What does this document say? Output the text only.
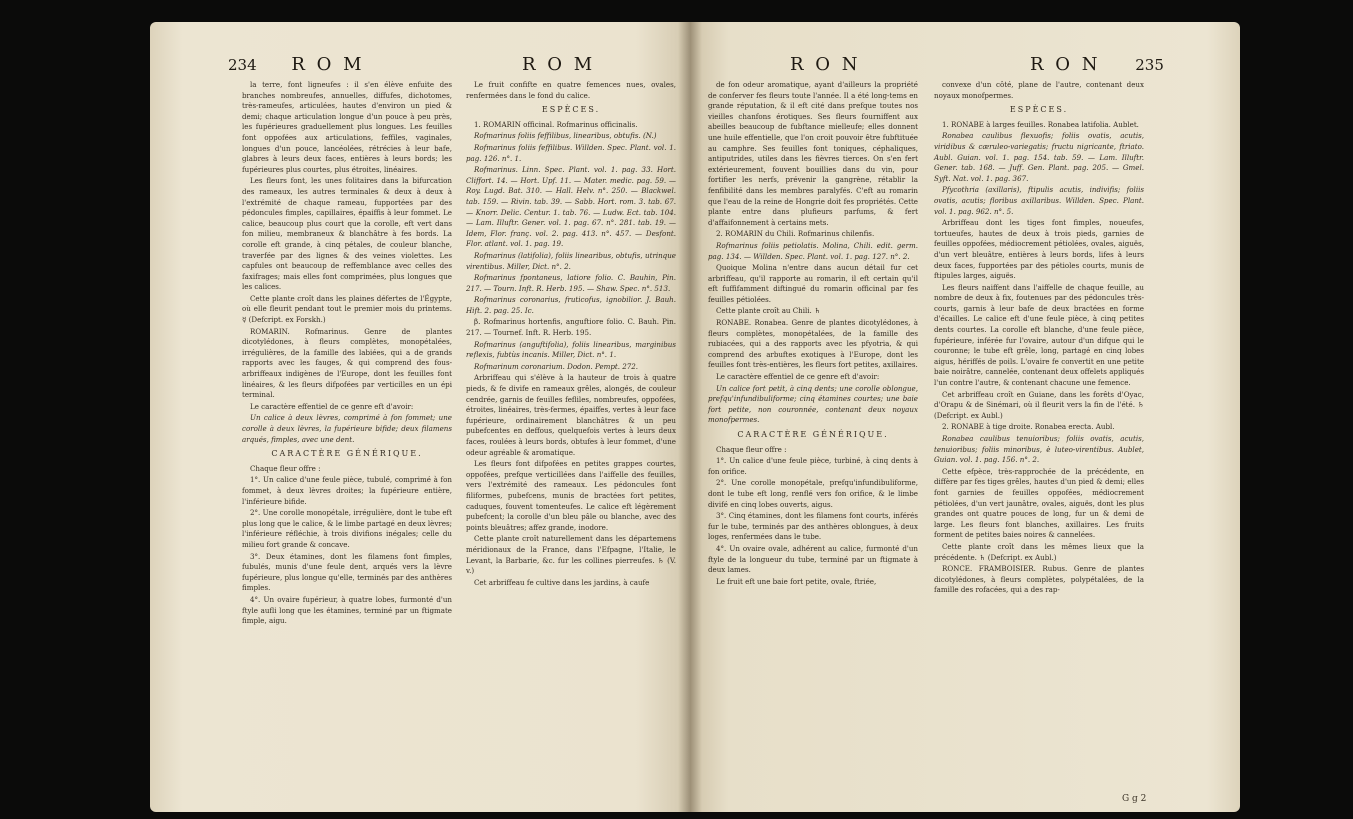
234 R O M	R O M

la terre, font ligneufes : il s'en élève enfuite des branches nombreufes, annuelles, diffufes, dichotomes, très-rameufes, articulées, hautes d'environ un pied & demi; chaque articulation longue d'un pouce à peu près, les fupérieures graduellement plus longues. Les feuilles font oppofées aux articulations, feffiles, vaginales, longues d'un pouce, lancéolées, rétrécies à leur bafe, glabres à leurs deux faces, entières à leurs bords; les fupérieures plus courtes, plus étroites, linéaires.

Les fleurs font, les unes folitaires dans la bifurcation des rameaux, les autres terminales & deux à deux à l'extrémité de chaque rameau, fupportées par des pédoncules fimples, capillaires, épaiffis à leur fommet. Le calice, beaucoup plus court que la corolle, eft vert dans fon milieu, membraneux & blanchâtre à fes bords. La corolle eft grande, à cinq pétales, de couleur blanche, traverfée par des lignes & des veines violettes. Les capfules ont beaucoup de reffemblance avec celles des faxifrages; mais elles font comprimées, plus longues que les calices.

Cette plante croît dans les plaines défertes de l'Égypte, où elle fleurit pendant tout le premier mois du printems. ☿ (Defcript. ex Forskh.)

ROMARIN. Rofmarinus. Genre de plantes dicotylédones, à fleurs complètes, monopétalées, irrégulières, de la famille des labiées, qui a de grands rapports avec les fauges, & qui comprend des fous-arbriffeaux indigènes de l'Europe, dont les feuilles font linéaires, & les fleurs difpofées par verticilles en un épi terminal.

Le caractère effentiel de ce genre eft d'avoir:

Un calice à deux lèvres, comprimé à fon fommet; une corolle à deux lèvres, la fupérieure bifide; deux filamens arqués, fimples, avec une dent.

CARACTÈRE GÉNÉRIQUE.

Chaque fleur offre :

1°. Un calice d'une feule pièce, tubulé, comprimé à fon fommet, à deux lèvres droites; la fupérieure entière, l'inférieure bifide.

2°. Une corolle monopétale, irrégulière, dont le tube eft plus long que le calice, & le limbe partagé en deux lèvres; l'inférieure réfléchie, à trois divifions inégales; celle du milieu fort grande & concave.

3°. Deux étamines, dont les filamens font fimples, fubulés, munis d'une feule dent, arqués vers la lèvre fupérieure, plus longue qu'elle, terminés par des anthères fimples.

4°. Un ovaire fupérieur, à quatre lobes, furmonté d'un ftyle aufli long que les étamines, terminé par un ftigmate fimple, aigu.

Le fruit confifte en quatre femences nues, ovales, renfermées dans le fond du calice.

ESPÈCES.

1. ROMARIN officinal. Rofmarinus officinalis.

Rofmarinus foliis feffilibus, linearibus, obtufis. (N.)

Rofmarinus foliis feffilibus. Willden. Spec. Plant. vol. 1. pag. 126. n°. 1.

Rofmarinus. Linn. Spec. Plant. vol. 1. pag. 33. Hort. Cliffort. 14. — Hort. Upf. 11. — Mater. medic. pag. 59. — Roy. Lugd. Bat. 310. — Hall. Helv. n°. 250. — Blackwel. tab. 159. — Rivin. tab. 39. — Sabb. Hort. rom. 3. tab. 67. — Knorr. Delic. Centur. 1. tab. 76. — Ludw. Ect. tab. 104. — Lam. Illuftr. Gener. vol. 1. pag. 67. n°. 281. tab. 19. — Idem, Flor. franç. vol. 2. pag. 413. n°. 457. — Desfont. Flor. atlant. vol. 1. pag. 19.

Rofmarinus (latifolia), foliis linearibus, obtufis, utrinque virentibus. Miller, Dict. n°. 2.

Rofmarinus fpontaneus, latiore folio. C. Bauhin, Pin. 217. — Tourn. Inft. R. Herb. 195. — Shaw. Spec. n°. 513.

Rofmarinus coronarius, fruticofus, ignobilior. J. Bauh. Hift. 2. pag. 25. Ic.

β. Rofmarinus hortenfis, anguftiore folio. C. Bauh. Pin. 217. — Tournef. Inft. R. Herb. 195.

Rofmarinus (anguftifolia), foliis linearibus, marginibus reflexis, fubtùs incanis. Miller, Dict. n°. 1.

Rofmarinum coronarium. Dodon. Pempt. 272.

Arbriffeau qui s'élève à la hauteur de trois à quatre pieds, & fe divife en rameaux grêles, alongés, de couleur cendrée, garnis de feuilles fefliles, nombreufes, oppofées, étroites, linéaires, très-fermes, épaiffes, vertes à leur face fupérieure, ordinairement blanchâtres & un peu pubefcentes en deffous, quelquefois vertes à leurs deux faces, roulées à leurs bords, obtufes à leur fommet, d'une odeur agréable & aromatique.

Les fleurs font difpofées en petites grappes courtes, oppofées, prefque verticillées dans l'aiffelle des feuilles, vers l'extrémité des rameaux. Les pédoncules font filiformes, pubefcens, munis de bractées fort petites, caduques, fouvent tomenteufes. Le calice eft légèrement pubefcent; la corolle d'un bleu pâle ou blanche, avec des points bleuâtres; affez grande, inodore.

Cette plante croît naturellement dans les départemens méridionaux de la France, dans l'Efpagne, l'Italie, le Levant, la Barbarie, &c. fur les collines pierreufes. ♄ (V. v.)

Cet arbriffeau fe cultive dans les jardins, à caufe

R O N	R O N 235

de fon odeur aromatique, ayant d'ailleurs la propriété de conferver fes fleurs toute l'année. Il a été long-tems en grande réputation, & il eft cité dans prefque toutes nos vieilles chanfons érotiques. Ses fleurs fourniffent aux abeilles beaucoup de fubftance mielleufe; elles donnent une huile effentielle, que l'on croit pouvoir être fubftituée au camphre. Ses feuilles font toniques, céphaliques, antiputrides, utiles dans les fièvres tierces. On s'en fert extérieurement, fouvent bouillies dans du vin, pour fortifier les nerfs, prévenir la gangrène, rétablir la fenfibilité dans les membres paralyfés. C'eft au romarin que l'eau de la reine de Hongrie doit fes propriétés. Cette plante entre dans plufieurs parfums, & fert d'affaifonnement à certains mets.

2. ROMARIN du Chili. Rofmarinus chilenfis.

Rofmarinus foliis petiolatis. Molina, Chili. edit. germ. pag. 134. — Willden. Spec. Plant. vol. 1. pag. 127. n°. 2.

Quoique Molina n'entre dans aucun détail fur cet arbriffeau, qu'il rapporte au romarin, il eft certain qu'il eft fuffifamment diftingué du romarin officinal par fes feuilles pétiolées.

Cette plante croît au Chili. ♄

RONABE. Ronabea. Genre de plantes dicotylédones, à fleurs complètes, monopétalées, de la famille des rubiacées, qui a des rapports avec les pfyotria, & qui comprend des arbuftes exotiques à l'Europe, dont les feuilles font très-entières, les fleurs fort petites, axillaires.

Le caractère effentiel de ce genre eft d'avoir:

Un calice fort petit, à cinq dents; une corolle oblongue, prefqu'infundibuliforme; cinq étamines courtes; une baie fort petite, non couronnée, contenant deux noyaux monofpermes.

CARACTÈRE GÉNÉRIQUE.

Chaque fleur offre :

1°. Un calice d'une feule pièce, turbiné, à cinq dents à fon orifice.

2°. Une corolle monopétale, prefqu'infundibuliforme, dont le tube eft long, renflé vers fon orifice, & le limbe divifé en cinq lobes ouverts, aigus.

3°. Cinq étamines, dont les filamens font courts, inférés fur le tube, terminés par des anthères oblongues, à deux loges, renfermées dans le tube.

4°. Un ovaire ovale, adhérent au calice, furmonté d'un ftyle de la longueur du tube, terminé par un ftigmate à deux lames.

Le fruit eft une baie fort petite, ovale, ftriée,

convexe d'un côté, plane de l'autre, contenant deux noyaux monofpermes.

ESPÈCES.

1. RONABE à larges feuilles. Ronabea latifolia. Aublet.

Ronabea caulibus flexuofis; foliis ovatis, acutis, viridibus & cæruleo-variegatis; fructu nigricante, ftriato. Aubl. Guian. vol. 1. pag. 154. tab. 59. — Lam. Illuftr. Gener. tab. 168. — Juff. Gen. Plant. pag. 205. — Gmel. Syft. Nat. vol. 1. pag. 367.

Pfycothria (axillaris), ftipulis acutis, indivifis; foliis ovatis, acutis; floribus axillaribus. Willden. Spec. Plant. vol. 1. pag. 962. n°. 5.

Arbriffeau dont les tiges font fimples, noueufes, tortueufes, hautes de deux à trois pieds, garnies de feuilles oppofées, médiocrement pétiolées, ovales, aiguës, d'un vert bleuâtre, entières à leurs bords, lifes à leurs deux faces, fupportées par des pétioles courts, munis de ftipules larges, aiguës.

Les fleurs naiffent dans l'aiffelle de chaque feuille, au nombre de deux à fix, foutenues par des pédoncules très-courts, garnis à leur bafe de deux bractées en forme d'écailles. Le calice eft d'une feule pièce, à cinq petites dents courtes. La corolle eft blanche, d'une feule pièce, fupérieure, inférée fur l'ovaire, autour d'un difque qui le couronne; le tube eft grêle, long, partagé en cinq lobes aigus, hériffés de poils. L'ovaire fe convertit en une petite baie noirâtre, cannelée, contenant deux offelets appliqués l'un contre l'autre, & contenant chacune une femence.

Cet arbriffeau croît en Guiane, dans les forêts d'Oyac, d'Orapu & de Sinémari, où il fleurit vers la fin de l'été. ♄ (Defcript. ex Aubl.)

2. RONABE à tige droite. Ronabea erecta. Aubl.

Ronabea caulibus tenuioribus; foliis ovatis, acutis, tenuioribus; foliis minoribus, è luteo-virentibus. Aublet, Guian. vol. 1. pag. 156. n°. 2.

Cette efpèce, très-rapprochée de la précédente, en diffère par fes tiges grêles, hautes d'un pied & demi; elles font garnies de feuilles oppofées, médiocrement pétiolées, d'un vert jaunâtre, ovales, aiguës, dont les plus grandes ont quatre pouces de long, fur un & demi de large. Les fleurs font blanches, axillaires. Les fruits forment de petites baies noires & cannelées.

Cette plante croît dans les mêmes lieux que la précédente. ♄ (Defcript. ex Aubl.)

RONCE. FRAMBOISIER. Rubus. Genre de plantes dicotylédones, à fleurs complètes, polypétalées, de la famille des rofacées, qui a des rap-

G g 2
